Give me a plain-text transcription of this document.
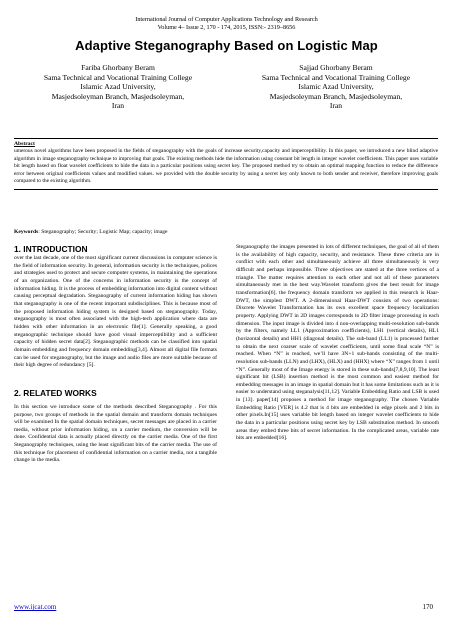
International Journal of Computer Applications Technology and Research
Volume 4– Issue 2, 170 - 174, 2015, ISSN:- 2319–8656
Adaptive Steganography Based on Logistic Map
Fariba Ghorbany Beram
Sama Technical and Vocational Training College
Islamic Azad University,
Masjedsoleyman Branch, Masjedsoleyman,
Iran
Sajjad Ghorbany Beram
Sama Technical and Vocational Training College
Islamic Azad University,
Masjedsoleyman Branch, Masjedsoleyman,
Iran
Abstract
umerous novel algorithms have been proposed in the fields of steganography with the goals of increase security,capacity and imperceptibility. In this paper, we introduced a new blind adaptive algorithm in image steganography technique to improving that goals. The existing methods hide the information using constant bit length in integer wavelet coefficients. This paper uses variable bit length based on float wavelet coefficients to hide the data in a particular positions using secret key. The proposed method try to obtain an optimal mapping function to reduce the difference error between original coefficients values and modified values. we provided with the double security by using a secret key only known to both sender and receiver, therefore improving goals compared to the existing algorithm.
Keywords: Steganography; Security; Logistic Map; capacity; image
1. INTRODUCTION

over the last decade, one of the most significant current discussions in computer science is the field of information security. In general, information security is the techniques, polices and strategies used to protect and secure computer systems, in maintaining the operations of an organization. One of the concerns in information security is the concept of information hiding. It is the process of embedding information into digital content without causing perceptual degradation. Steganography of current information hiding has shown that steganography is one of the recent important subdisciplines. This is because most of the proposed information hiding system is designed based on steganography. Today, steganography is most often associated with the high-tech application where data are hidden with other information in an electronic file[1]. Generally speaking, a good steganographic technique should have good visual imperceptibility and a sufficient capacity of hidden secret data[2]. Steganographic methods can be classified into spatial domain embedding and frequency domain embedding[3,4]. Almost all digital file formats can be used for steganography, but the image and audio files are more suitable because of their high degree of redundancy [5].

2. RELATED WORKS

In this section we introduce some of the methods described Steganography . For this purpose, two groups of methods in the spatial domain and transform domain techniques will be examined In the spatial domain techniques, secret messages are placed in a carrier media, without prior information hiding, on a carrier medium, the conversion will be done. Confidential data is actually placed directly on the carrier media. One of the first Steganography techniques, using the least significant bits of the carrier media. The use of this technique for placement of confidential information on a carrier media, not a tangible change in the media.

Steganography the images presented in lots of different techniques, the goal of all of them is the availability of high capacity, security, and resistance. These three criteria are in conflict with each other and simultaneously achieve all three simultaneously is very difficult and perhaps impossible. Three objectives are stated at the three vertices of a triangle. The matter requires attention to each other and not all of these parameters simultaneously met in the best way.Wavelet transform gives the best result for image transformation[6]. the frequency domain transform we applied in this research is Haar-DWT, the simplest DWT. A 2-dimensional Haar-DWT consists of two operations: Discrete Wavelet Transformation has its own excellent space frequency localization property. Applying DWT in 2D images corresponds to 2D filter image processing in each dimension. The input image is divided into 4 non-overlapping multi-resolution sub-bands by the filters, namely LL1 (Approximation coefficients), LH1 (vertical details), HL1 (horizontal details) and HH1 (diagonal details). The sub-band (LL1) is processed further to obtain the next coarser scale of wavelet coefficients, until some final scale “N” is reached. When “N” is reached, we’ll have 3N+1 sub-bands consisting of the multi-resolution sub-bands (LLN) and (LHX), (HLX) and (HHX) where “X” ranges from 1 until “N”. Generally most of the Image energy is stored in these sub-bands[7,8,9,10]. The least significant bit (LSB) insertion method is the most common and easiest method for embedding messages in an image in spatial domain but it has some limitations such as it is easier to understand using steganalysis[11,12]. Variable Embedding Ratio and LSB is used in [13]. paper[14] proposes a method for image steganography. The chosen Variable Embedding Ratio [VER] is 4.2 that is 4 bits are embedded in edge pixels and 2 bits in other pixels.In[15] uses variable bit length based on integer wavelet coefficients to hide the data in a particular positions using secret key by LSB substitution method. In smooth areas they embed three bits of secret information. In the complicated areas, variable rate bits are embedded[16].

www.ijcat.com	170
